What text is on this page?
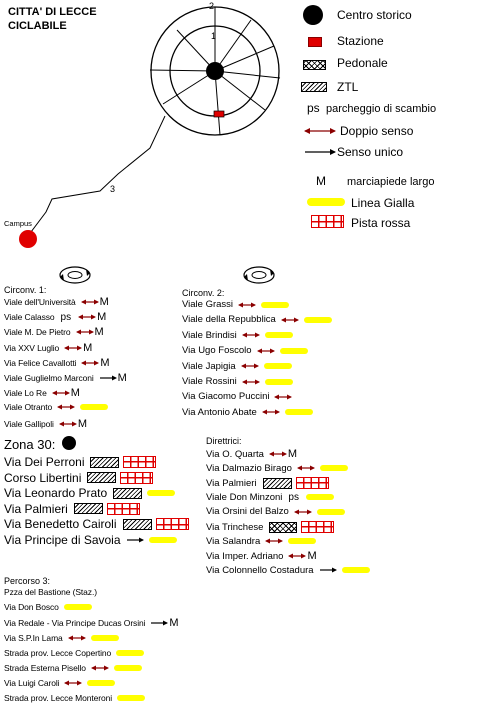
CITTA' DI LECCE
CICLABILE
1
2
3
Campus
Centro storico
Stazione
Pedonale
ZTL
ps parcheggio di scambio
Doppio senso
Senso unico
M marciapiede largo
Linea Gialla
Pista rossa
Circonv. 1:
Viale dell'Università M
Viale Calasso ps M
Viale M. De Pietro M
Via XXV Luglio M
Via Felice Cavallotti M
Viale Guglielmo Marconi M
Viale Lo Re M
Viale Otranto
Viale Gallipoli M
Circonv. 2:
Viale Grassi
Viale della Repubblica
Viale Brindisi
Via Ugo Foscolo
Viale Japigia
Viale Rossini
Via Giacomo Puccini
Via Antonio Abate
Zona 30:
Via Dei Perroni
Corso Libertini
Via Leonardo Prato
Via Palmieri
Via Benedetto Cairoli
Via Principe di Savoia
Direttrici:
Via O. Quarta M
Via Dalmazio Birago
Via Palmieri
Viale Don Minzoni ps
Via Orsini del Balzo
Via Trinchese
Via Salandra
Via Imper. Adriano M
Via Colonnello Costadura
Percorso 3:
Pzza del Bastione (Staz.)
Via Don Bosco
Via Redale - Via Principe Ducas Orsini M
Via S.P.In Lama
Strada prov. Lecce Copertino
Strada Esterna Pisello
Via Luigi Caroli
Strada prov. Lecce Monteroni
